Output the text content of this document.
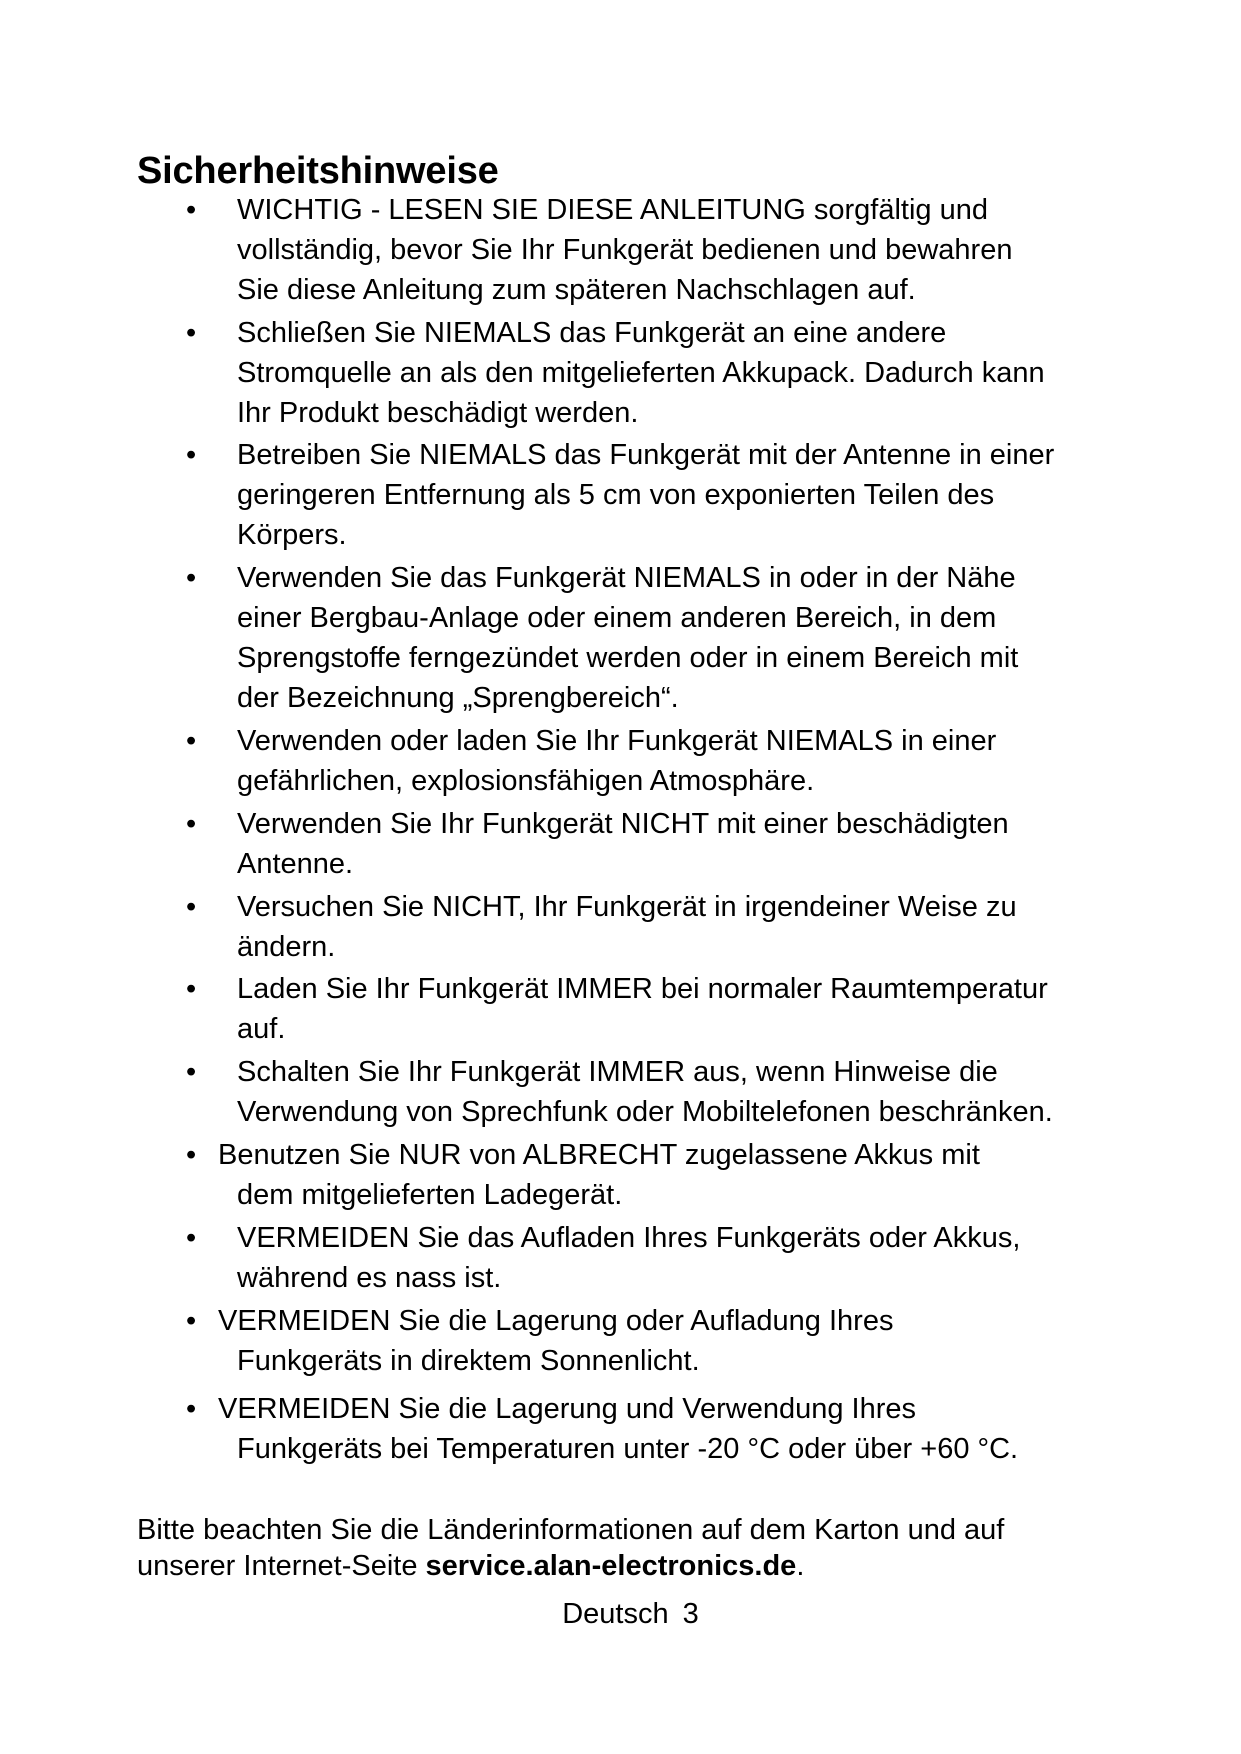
Sicherheitshinweise
• WICHTIG - LESEN SIE DIESE ANLEITUNG sorgfältig und
vollständig, bevor Sie Ihr Funkgerät bedienen und bewahren
Sie diese Anleitung zum späteren Nachschlagen auf.
• Schließen Sie NIEMALS das Funkgerät an eine andere
Stromquelle an als den mitgelieferten Akkupack. Dadurch kann
Ihr Produkt beschädigt werden.
• Betreiben Sie NIEMALS das Funkgerät mit der Antenne in einer
geringeren Entfernung als 5 cm von exponierten Teilen des
Körpers.
• Verwenden Sie das Funkgerät NIEMALS in oder in der Nähe
einer Bergbau-Anlage oder einem anderen Bereich, in dem
Sprengstoffe ferngezündet werden oder in einem Bereich mit
der Bezeichnung „Sprengbereich“.
• Verwenden oder laden Sie Ihr Funkgerät NIEMALS in einer
gefährlichen, explosionsfähigen Atmosphäre.
• Verwenden Sie Ihr Funkgerät NICHT mit einer beschädigten
Antenne.
• Versuchen Sie NICHT, Ihr Funkgerät in irgendeiner Weise zu
ändern.
• Laden Sie Ihr Funkgerät IMMER bei normaler Raumtemperatur
auf.
• Schalten Sie Ihr Funkgerät IMMER aus, wenn Hinweise die
Verwendung von Sprechfunk oder Mobiltelefonen beschränken.
• Benutzen Sie NUR von ALBRECHT zugelassene Akkus mit
dem mitgelieferten Ladegerät.
• VERMEIDEN Sie das Aufladen Ihres Funkgeräts oder Akkus,
während es nass ist.
• VERMEIDEN Sie die Lagerung oder Aufladung Ihres
Funkgeräts in direktem Sonnenlicht.
• VERMEIDEN Sie die Lagerung und Verwendung Ihres
Funkgeräts bei Temperaturen unter -20 °C oder über +60 °C.

Bitte beachten Sie die Länderinformationen auf dem Karton und auf
unserer Internet-Seite service.alan-electronics.de.

Deutsch 3
